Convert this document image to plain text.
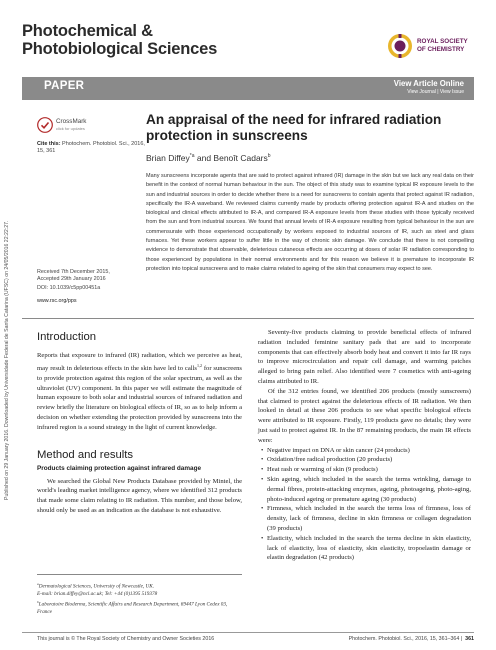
Published on 29 January 2016. Downloaded by Universidade Federal de Santa Catarina (UFSC) on 24/05/2016 22:22:27.
Photochemical &
Photobiological Sciences	ROYAL SOCIETY
OF CHEMISTRY
PAPER	View Article Online
View Journal | View Issue
CrossMark
click for updates
Cite this: Photochem. Photobiol. Sci., 2016, 15, 361
An appraisal of the need for infrared radiation protection in sunscreens
Brian Diffey$^{*a}$ and Benoît Cadars$^b$
Many sunscreens incorporate agents that are said to protect against infrared (IR) damage in the skin but we lack any real data on their benefit in the context of normal human behaviour in the sun. The object of this study was to examine typical IR exposure levels to the sun and industrial sources in order to decide whether there is a need for sunscreens to contain agents that protect against IR radiation, specifically the IR-A waveband. We reviewed claims currently made by products offering protection against IR-A and studies on the biological and clinical effects attributed to IR-A, and compared IR-A exposure levels from these studies with those typically received from the sun and from industrial sources. We found that annual levels of IR-A exposure resulting from typical behaviour in the sun are commensurate with those experienced occupationally by workers exposed to industrial sources of IR, such as steel and glass furnaces. Yet these workers appear to suffer little in the way of chronic skin damage. We conclude that there is not compelling evidence to demonstrate that observable, deleterious cutaneous effects are occurring at doses of solar IR radiation corresponding to those experienced by populations in their normal environments and for this reason we believe it is premature to incorporate IR protection into topical sunscreens and to make claims related to ageing of the skin that consumers may expect to see.
Received 7th December 2015,
Accepted 29th January 2016
DOI: 10.1039/c5pp00451a
www.rsc.org/pps
Introduction

Reports that exposure to infrared (IR) radiation, which we perceive as heat, may result in deleterious effects in the skin have led to calls$^{1,2}$ for sunscreens to provide protection against this region of the solar spectrum, as well as the ultraviolet (UV) component. In this paper we will estimate the magnitude of human exposure to both solar and industrial sources of infrared radiation and review briefly the literature on biological effects of IR, so as to help inform a decision on whether extending the protection provided by sunscreens into the infrared region is a sound strategy in the light of current knowledge.

Method and results
Products claiming protection against infrared damage

We searched the Global New Products Database provided by Mintel, the world's leading market intelligence agency, where we identified 312 products that made some claim relating to IR radiation. This number, and those below, should only be used as an indication as the database is not exhaustive.

$^a$Dermatological Sciences, University of Newcastle, UK.
E-mail: brian.diffey@ncl.ac.uk; Tel: +44 (0)1395 519378
$^b$Laboratoire Bioderma, Scientific Affairs and Research Department, 69447 Lyon Cedex 03, France

Seventy-five products claiming to provide beneficial effects of infrared radiation included feminine sanitary pads that are said to incorporate components that can effectively absorb body heat and convert it into far IR rays to improve microcirculation and repair cell damage, and warming patches alleged to bring pain relief. Also identified were 7 cosmetics with anti-ageing claims attributed to IR.

Of the 312 entries found, we identified 206 products (mostly sunscreens) that claimed to protect against the deleterious effects of IR radiation. We then looked in detail at these 206 products to see what specific biological effects were attributed to IR exposure. Firstly, 119 products gave no details; they were just said to protect against IR. In the 87 remaining products, the main IR effects were:

• Negative impact on DNA or skin cancer (24 products)
• Oxidation/free radical production (20 products)
• Heat rash or warming of skin (9 products)
• Skin ageing, which included in the search the terms wrinkling, damage to dermal fibres, protein-attacking enzymes, ageing, photoageing, photo-aging, photo-induced ageing or premature ageing (30 products)
• Firmness, which included in the search the terms loss of firmness, loss of density, lack of firmness, decline in skin firmness or collagen degradation (39 products)
• Elasticity, which included in the search the terms decline in skin elasticity, lack of elasticity, loss of elasticity, skin elasticity, tropoelastin damage or elastin degradation (42 products)
This journal is © The Royal Society of Chemistry and Owner Societies 2016	Photochem. Photobiol. Sci., 2016, 15, 361–364 | 361
